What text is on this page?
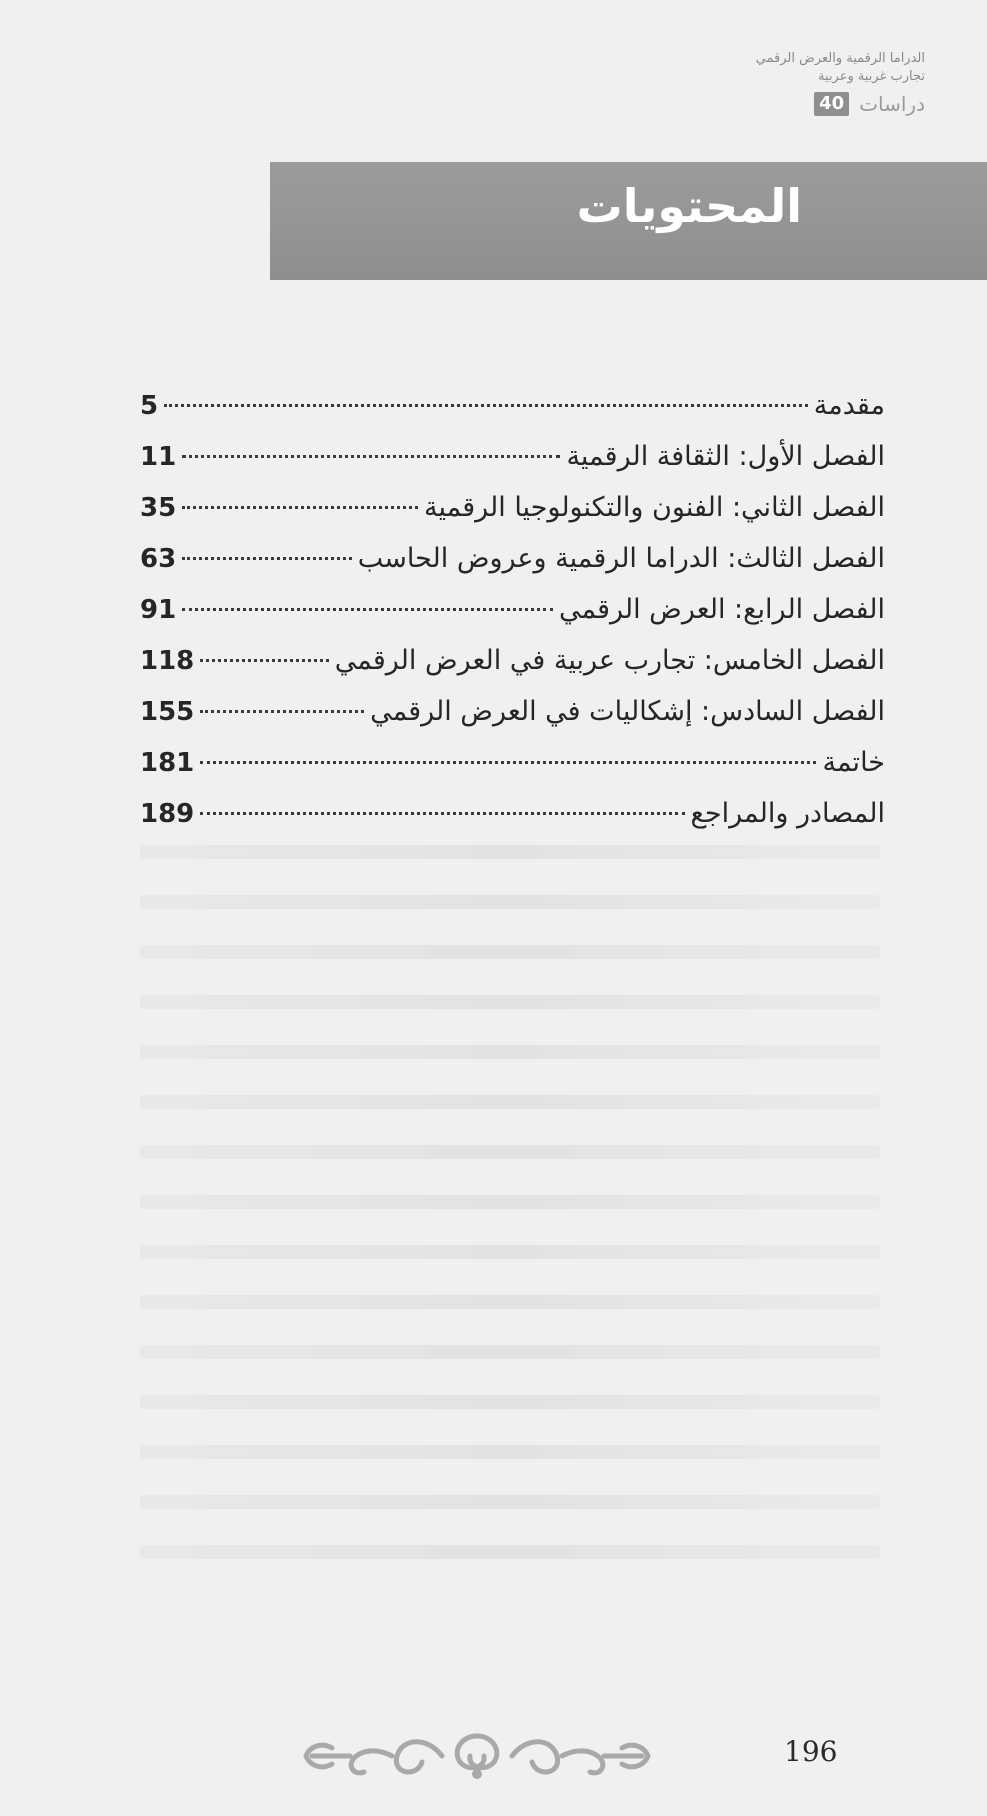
الدراما الرقمية والعرض الرقمي
تجارب غربية وعربية
دراسات
40
المحتويات
مقدمة
5
الفصل الأول: الثقافة الرقمية
11
الفصل الثاني: الفنون والتكنولوجيا الرقمية
35
الفصل الثالث: الدراما الرقمية وعروض الحاسب
63
الفصل الرابع: العرض الرقمي
91
الفصل الخامس: تجارب عربية في العرض الرقمي
118
الفصل السادس: إشكاليات في العرض الرقمي
155
خاتمة
181
المصادر والمراجع
189
196
